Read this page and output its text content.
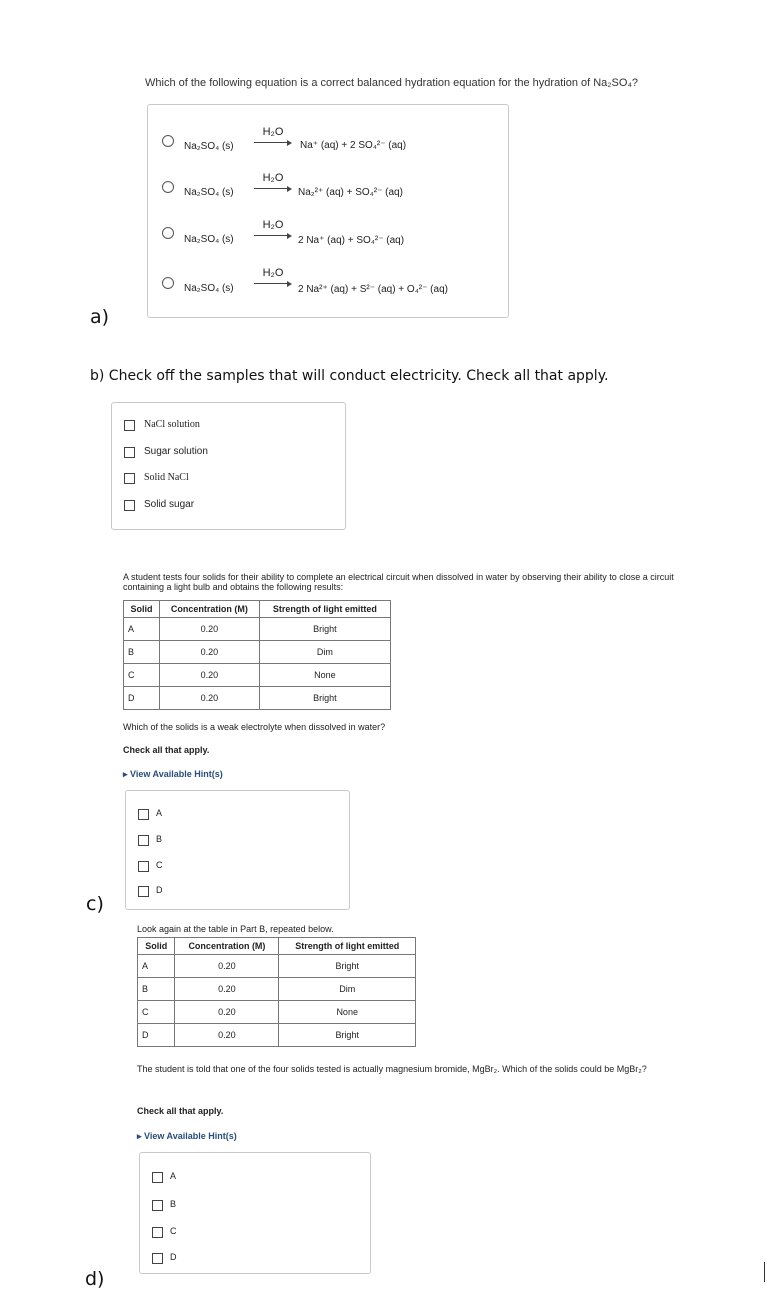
Which of the following equation is a correct balanced hydration equation for the hydration of Na₂SO₄?
Na₂SO₄ (s)
H₂O
Na⁺ (aq) + 2 SO₄²⁻ (aq)
Na₂SO₄ (s)
H₂O
Na₂²⁺ (aq) + SO₄²⁻ (aq)
Na₂SO₄ (s)
H₂O
2 Na⁺ (aq) + SO₄²⁻ (aq)
Na₂SO₄ (s)
H₂O
2 Na²⁺ (aq) + S²⁻ (aq) + O₄²⁻ (aq)
a)
b) Check off the samples that will conduct electricity. Check all that apply.
NaCl solution
Sugar solution
Solid NaCl
Solid sugar
A student tests four solids for their ability to complete an electrical circuit when dissolved in water by observing their ability to close a circuit containing a light bulb and obtains the following results:
Solid	Concentration (M)	Strength of light emitted
A	0.20	Bright
B	0.20	Dim
C	0.20	None
D	0.20	Bright
Which of the solids is a weak electrolyte when dissolved in water?
Check all that apply.
▸ View Available Hint(s)
A
B
C
D
c)
Look again at the table in Part B, repeated below.
Solid	Concentration (M)	Strength of light emitted
A	0.20	Bright
B	0.20	Dim
C	0.20	None
D	0.20	Bright
The student is told that one of the four solids tested is actually magnesium bromide, MgBr₂. Which of the solids could be MgBr₂?
Check all that apply.
▸ View Available Hint(s)
A
B
C
D
d)
